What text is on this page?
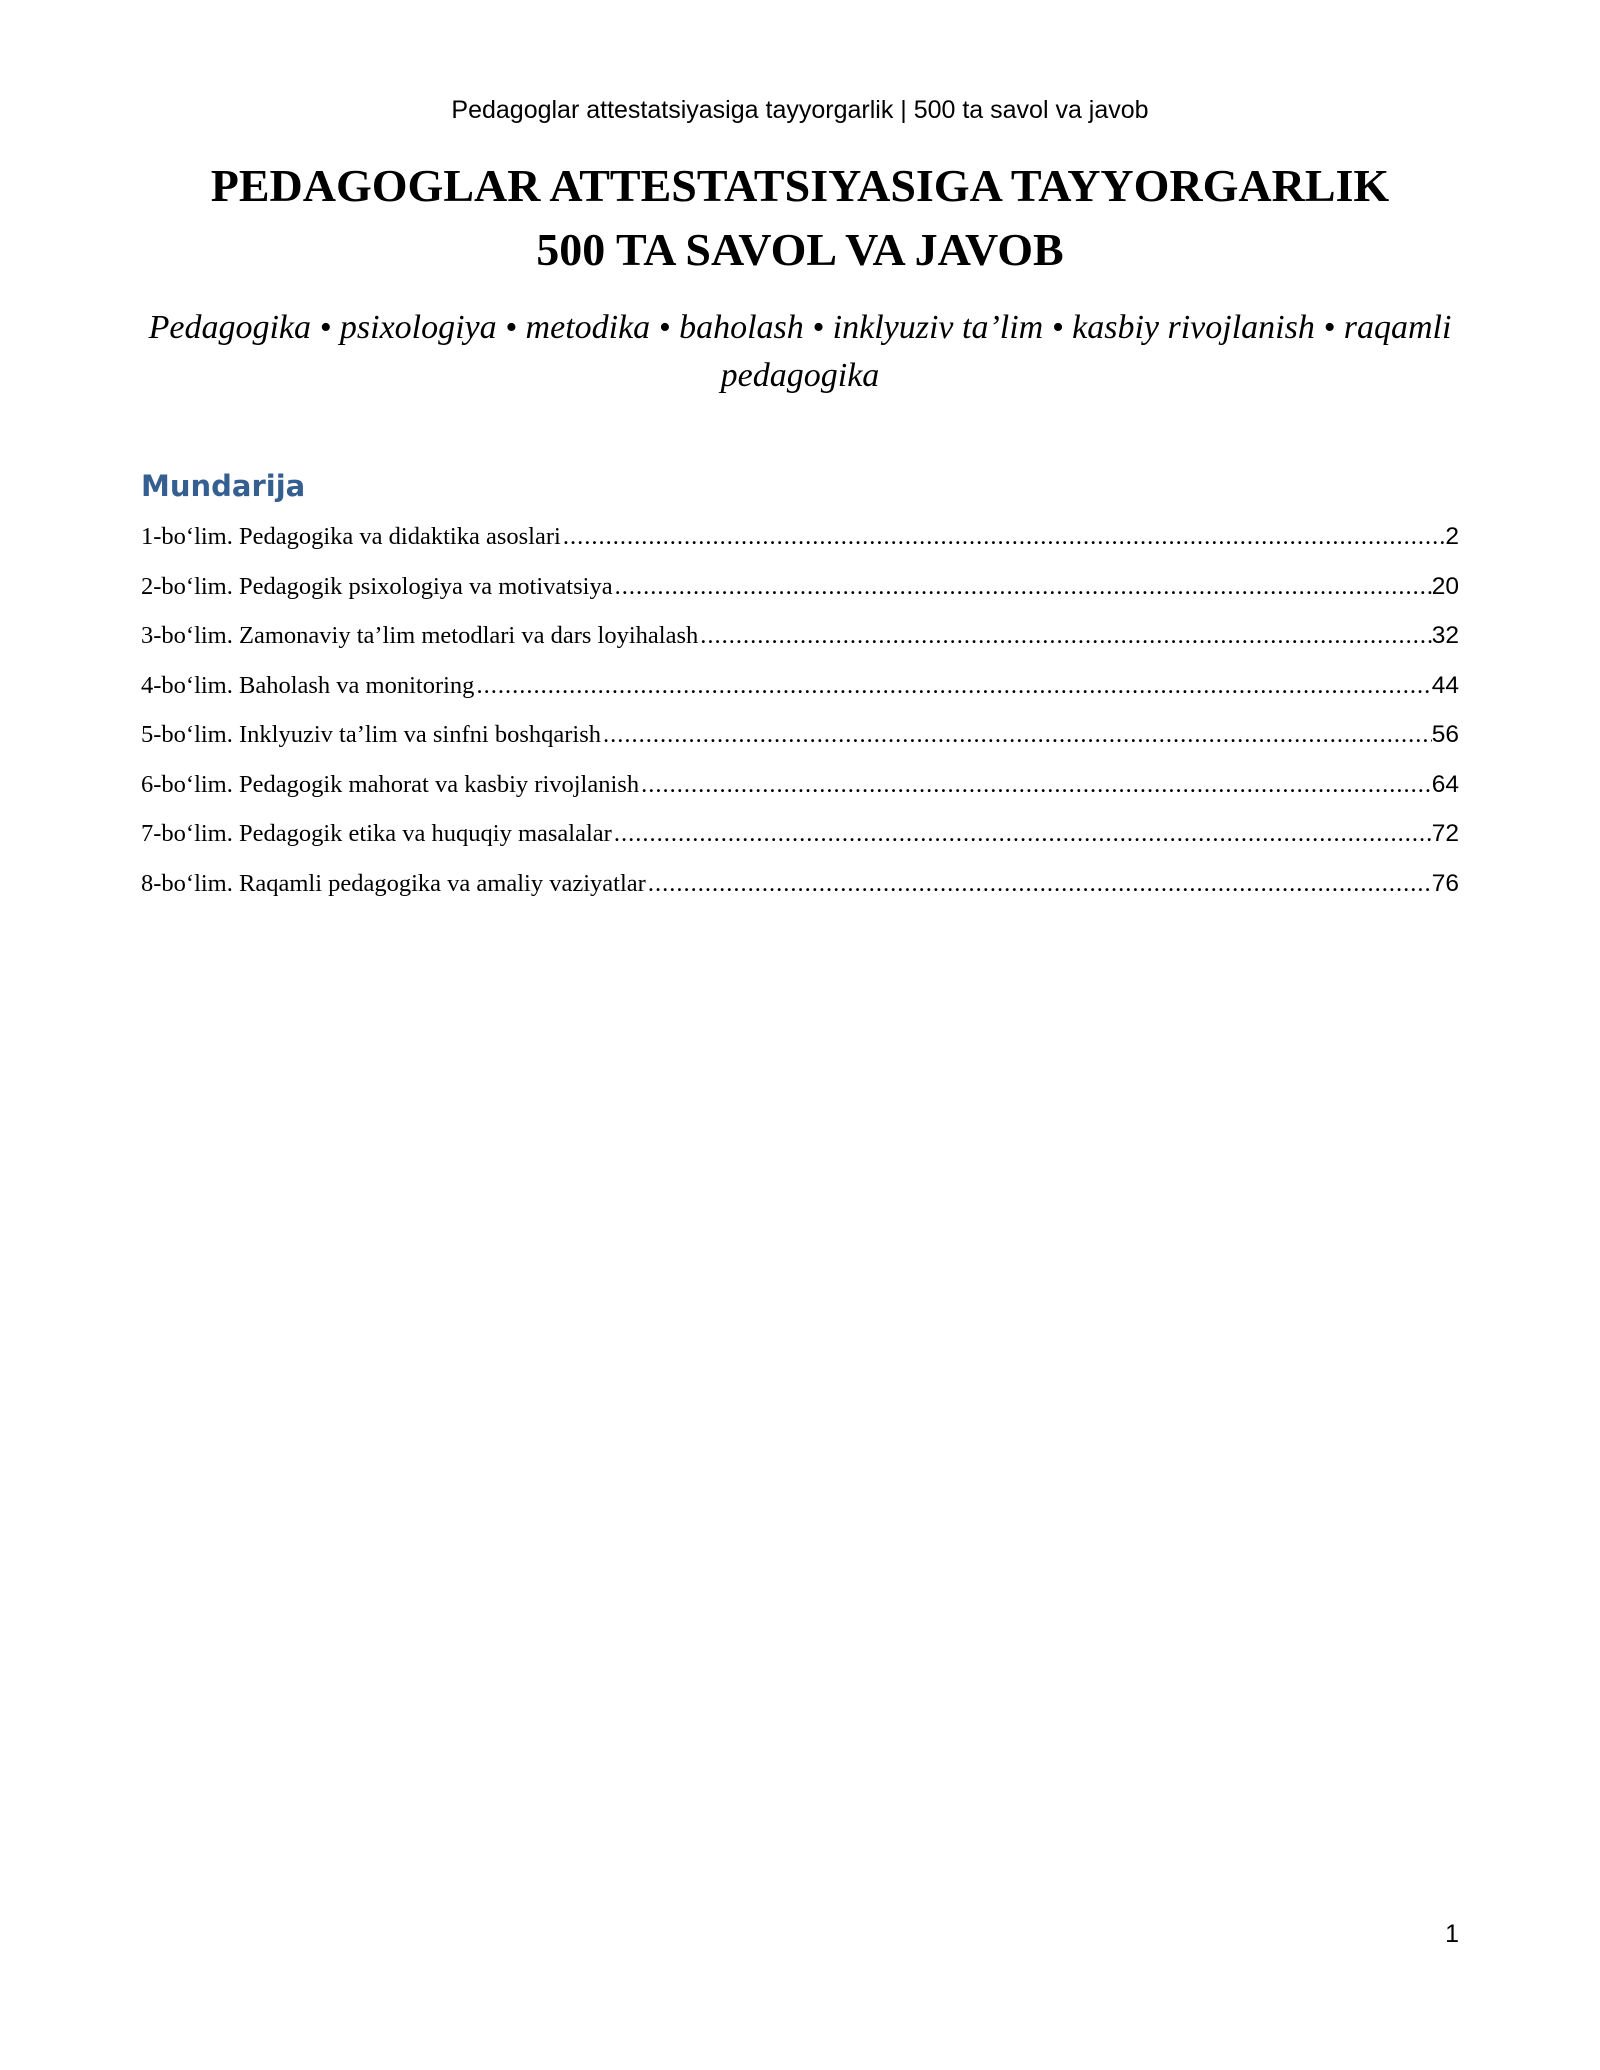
Pedagoglar attestatsiyasiga tayyorgarlik | 500 ta savol va javob
PEDAGOGLAR ATTESTATSIYASIGA TAYYORGARLIK
500 TA SAVOL VA JAVOB
Pedagogika • psixologiya • metodika • baholash • inklyuziv ta’lim • kasbiy rivojlanish • raqamli pedagogika
Mundarija
1-bo‘lim. Pedagogika va didaktika asoslari .....	2
2-bo‘lim. Pedagogik psixologiya va motivatsiya .....	20
3-bo‘lim. Zamonaviy ta’lim metodlari va dars loyihalash .....	32
4-bo‘lim. Baholash va monitoring .....	44
5-bo‘lim. Inklyuziv ta’lim va sinfni boshqarish .....	56
6-bo‘lim. Pedagogik mahorat va kasbiy rivojlanish .....	64
7-bo‘lim. Pedagogik etika va huquqiy masalalar .....	72
8-bo‘lim. Raqamli pedagogika va amaliy vaziyatlar .....	76
1
